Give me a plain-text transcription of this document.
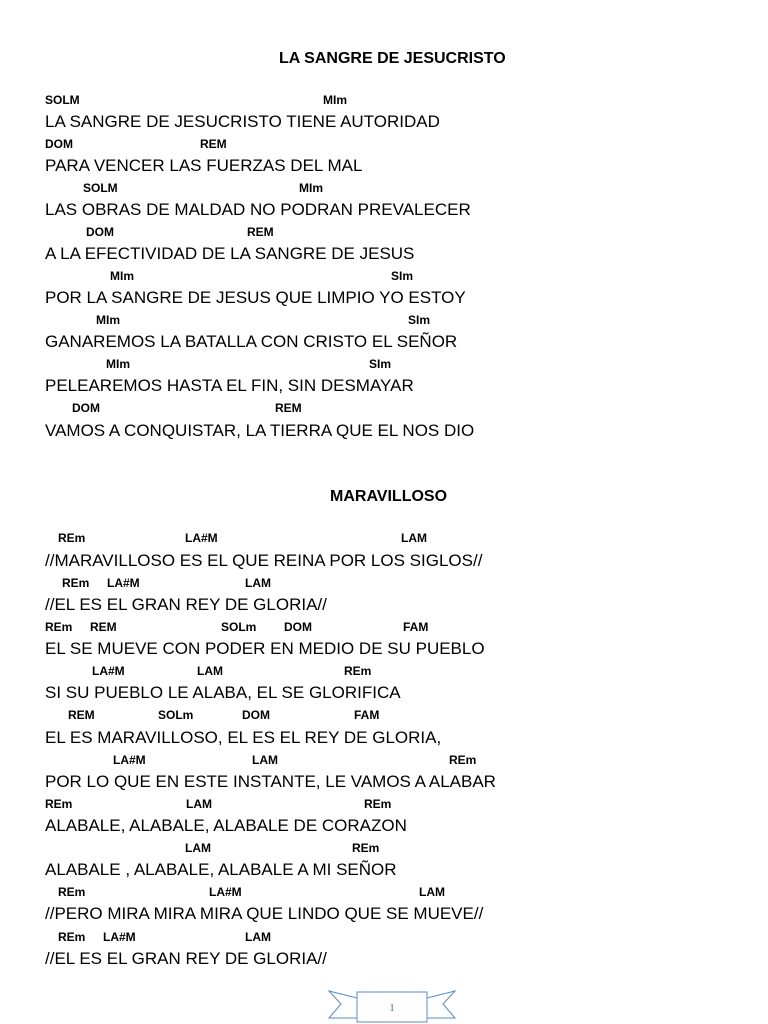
LA SANGRE DE JESUCRISTO
SOLM	MIm
LA SANGRE DE JESUCRISTO TIENE AUTORIDAD
DOM	REM
PARA VENCER LAS FUERZAS DEL MAL
SOLM	MIm
LAS OBRAS DE MALDAD NO PODRAN PREVALECER
DOM	REM
A LA EFECTIVIDAD DE LA SANGRE DE JESUS
MIm	SIm
POR LA SANGRE DE JESUS QUE LIMPIO YO ESTOY
MIm	SIm
GANAREMOS LA BATALLA CON CRISTO EL SEÑOR
MIm	SIm
PELEAREMOS HASTA EL FIN, SIN DESMAYAR
DOM	REM
VAMOS A CONQUISTAR, LA TIERRA QUE EL NOS DIO
MARAVILLOSO
REm	LA#M	LAM
//MARAVILLOSO ES EL QUE REINA POR LOS SIGLOS//
REm LA#M	LAM
//EL ES EL GRAN REY DE GLORIA//
REm REM	SOLm DOM	FAM
EL SE MUEVE CON PODER EN MEDIO DE SU PUEBLO
LA#M	LAM	REm
SI SU PUEBLO LE ALABA, EL SE GLORIFICA
REM	SOLm	DOM	FAM
EL ES MARAVILLOSO, EL ES EL REY DE GLORIA,
LA#M	LAM	REm
POR LO QUE EN ESTE INSTANTE, LE VAMOS A ALABAR
REm	LAM	REm
ALABALE, ALABALE, ALABALE DE CORAZON
LAM	REm
ALABALE , ALABALE, ALABALE A MI SEÑOR
REm	LA#M	LAM
//PERO MIRA MIRA MIRA QUE LINDO QUE SE MUEVE//
REm LA#M	LAM
//EL ES EL GRAN REY DE GLORIA//
1
